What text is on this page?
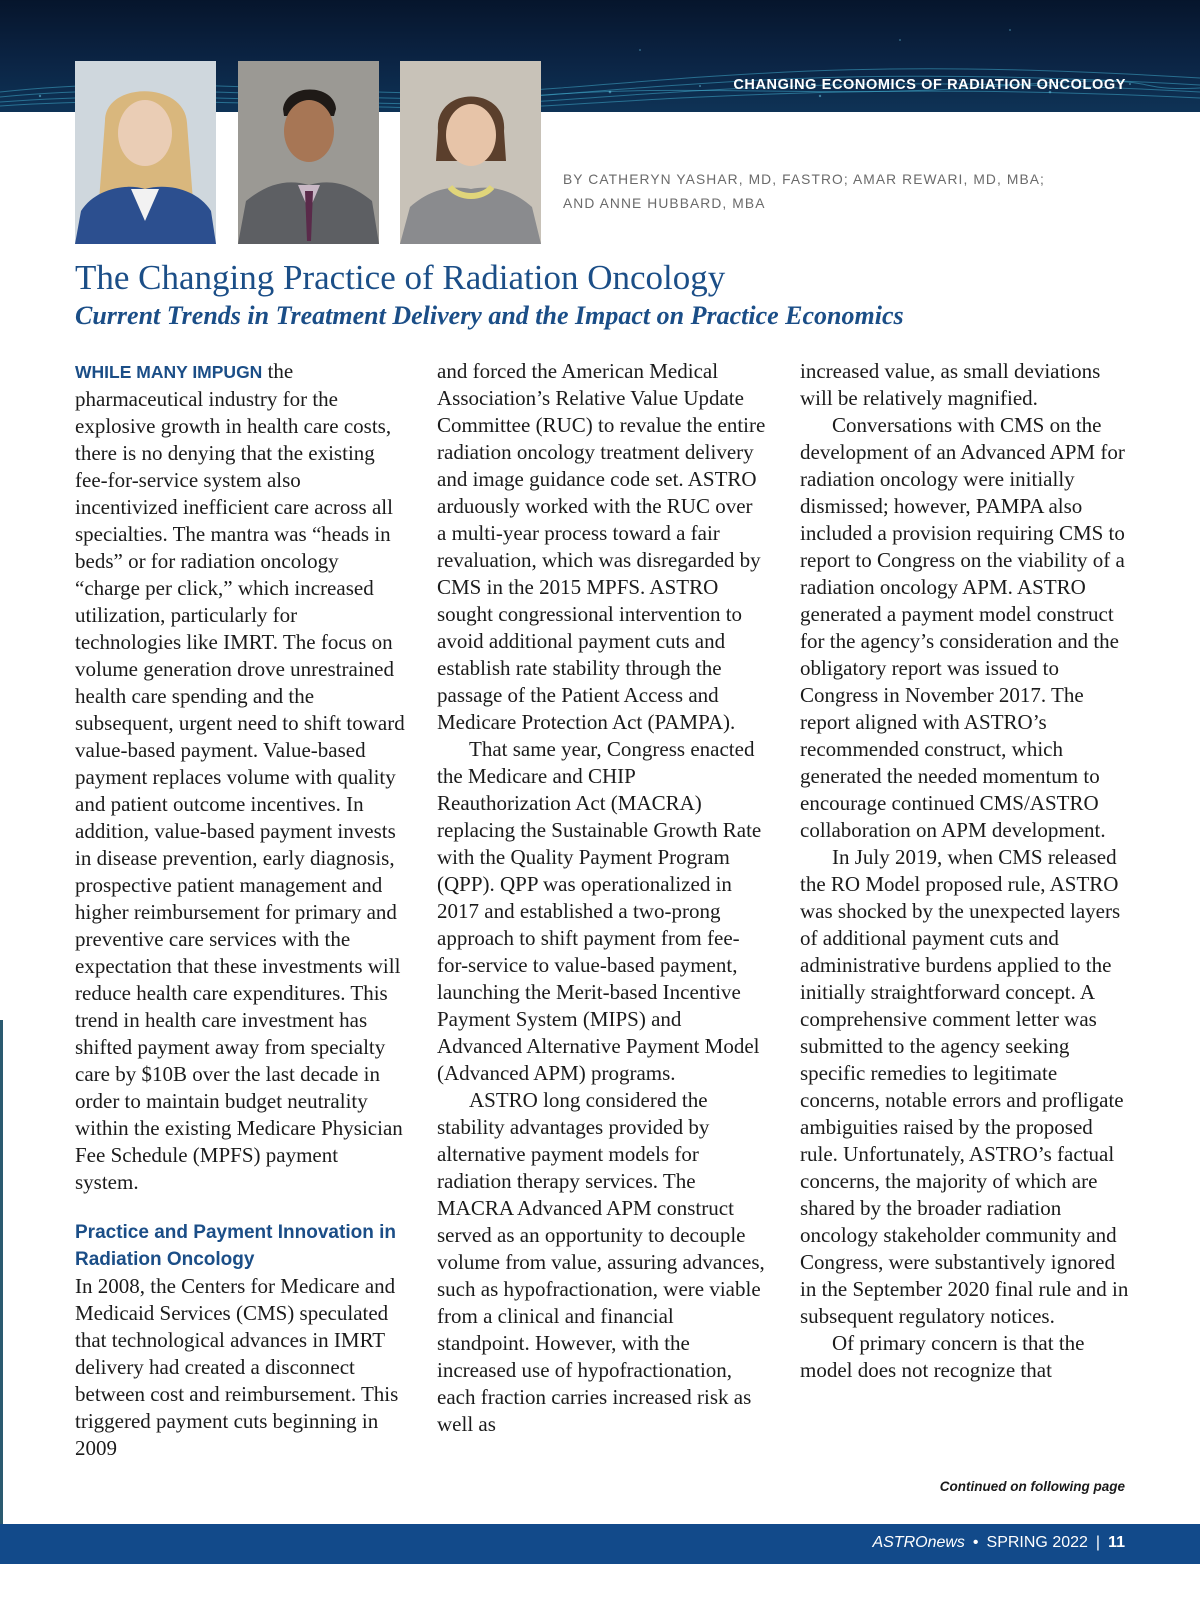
CHANGING ECONOMICS OF RADIATION ONCOLOGY
BY CATHERYN YASHAR, MD, FASTRO; AMAR REWARI, MD, MBA;
AND ANNE HUBBARD, MBA
The Changing Practice of Radiation Oncology
Current Trends in Treatment Delivery and the Impact on Practice Economics

WHILE MANY IMPUGN the pharmaceutical industry for the explosive growth in health care costs, there is no denying that the existing fee-for-service system also incentivized inefficient care across all specialties. The mantra was “heads in beds” or for radiation oncology “charge per click,” which increased utilization, particularly for technologies like IMRT. The focus on volume generation drove unrestrained health care spending and the subsequent, urgent need to shift toward value-based payment. Value-based payment replaces volume with quality and patient outcome incentives. In addition, value-based payment invests in disease prevention, early diagnosis, prospective patient management and higher reimbursement for primary and preventive care services with the expectation that these investments will reduce health care expenditures. This trend in health care investment has shifted payment away from specialty care by $10B over the last decade in order to maintain budget neutrality within the existing Medicare Physician Fee Schedule (MPFS) payment system.

Practice and Payment Innovation in Radiation Oncology

In 2008, the Centers for Medicare and Medicaid Services (CMS) speculated that technological advances in IMRT delivery had created a disconnect between cost and reimbursement. This triggered payment cuts beginning in 2009

and forced the American Medical Association’s Relative Value Update Committee (RUC) to revalue the entire radiation oncology treatment delivery and image guidance code set. ASTRO arduously worked with the RUC over a multi-year process toward a fair revaluation, which was disregarded by CMS in the 2015 MPFS. ASTRO sought congressional intervention to avoid additional payment cuts and establish rate stability through the passage of the Patient Access and Medicare Protection Act (PAMPA).

That same year, Congress enacted the Medicare and CHIP Reauthorization Act (MACRA) replacing the Sustainable Growth Rate with the Quality Payment Program (QPP). QPP was operationalized in 2017 and established a two-prong approach to shift payment from fee-for-service to value-based payment, launching the Merit-based Incentive Payment System (MIPS) and Advanced Alternative Payment Model (Advanced APM) programs.

ASTRO long considered the stability advantages provided by alternative payment models for radiation therapy services. The MACRA Advanced APM construct served as an opportunity to decouple volume from value, assuring advances, such as hypofractionation, were viable from a clinical and financial standpoint. However, with the increased use of hypofractionation, each fraction carries increased risk as well as

increased value, as small deviations will be relatively magnified.

Conversations with CMS on the development of an Advanced APM for radiation oncology were initially dismissed; however, PAMPA also included a provision requiring CMS to report to Congress on the viability of a radiation oncology APM. ASTRO generated a payment model construct for the agency’s consideration and the obligatory report was issued to Congress in November 2017. The report aligned with ASTRO’s recommended construct, which generated the needed momentum to encourage continued CMS/ASTRO collaboration on APM development.

In July 2019, when CMS released the RO Model proposed rule, ASTRO was shocked by the unexpected layers of additional payment cuts and administrative burdens applied to the initially straightforward concept. A comprehensive comment letter was submitted to the agency seeking specific remedies to legitimate concerns, notable errors and profligate ambiguities raised by the proposed rule. Unfortunately, ASTRO’s factual concerns, the majority of which are shared by the broader radiation oncology stakeholder community and Congress, were substantively ignored in the September 2020 final rule and in subsequent regulatory notices.

Of primary concern is that the model does not recognize that

Continued on following page
ASTROnews • SPRING 2022 | 11
